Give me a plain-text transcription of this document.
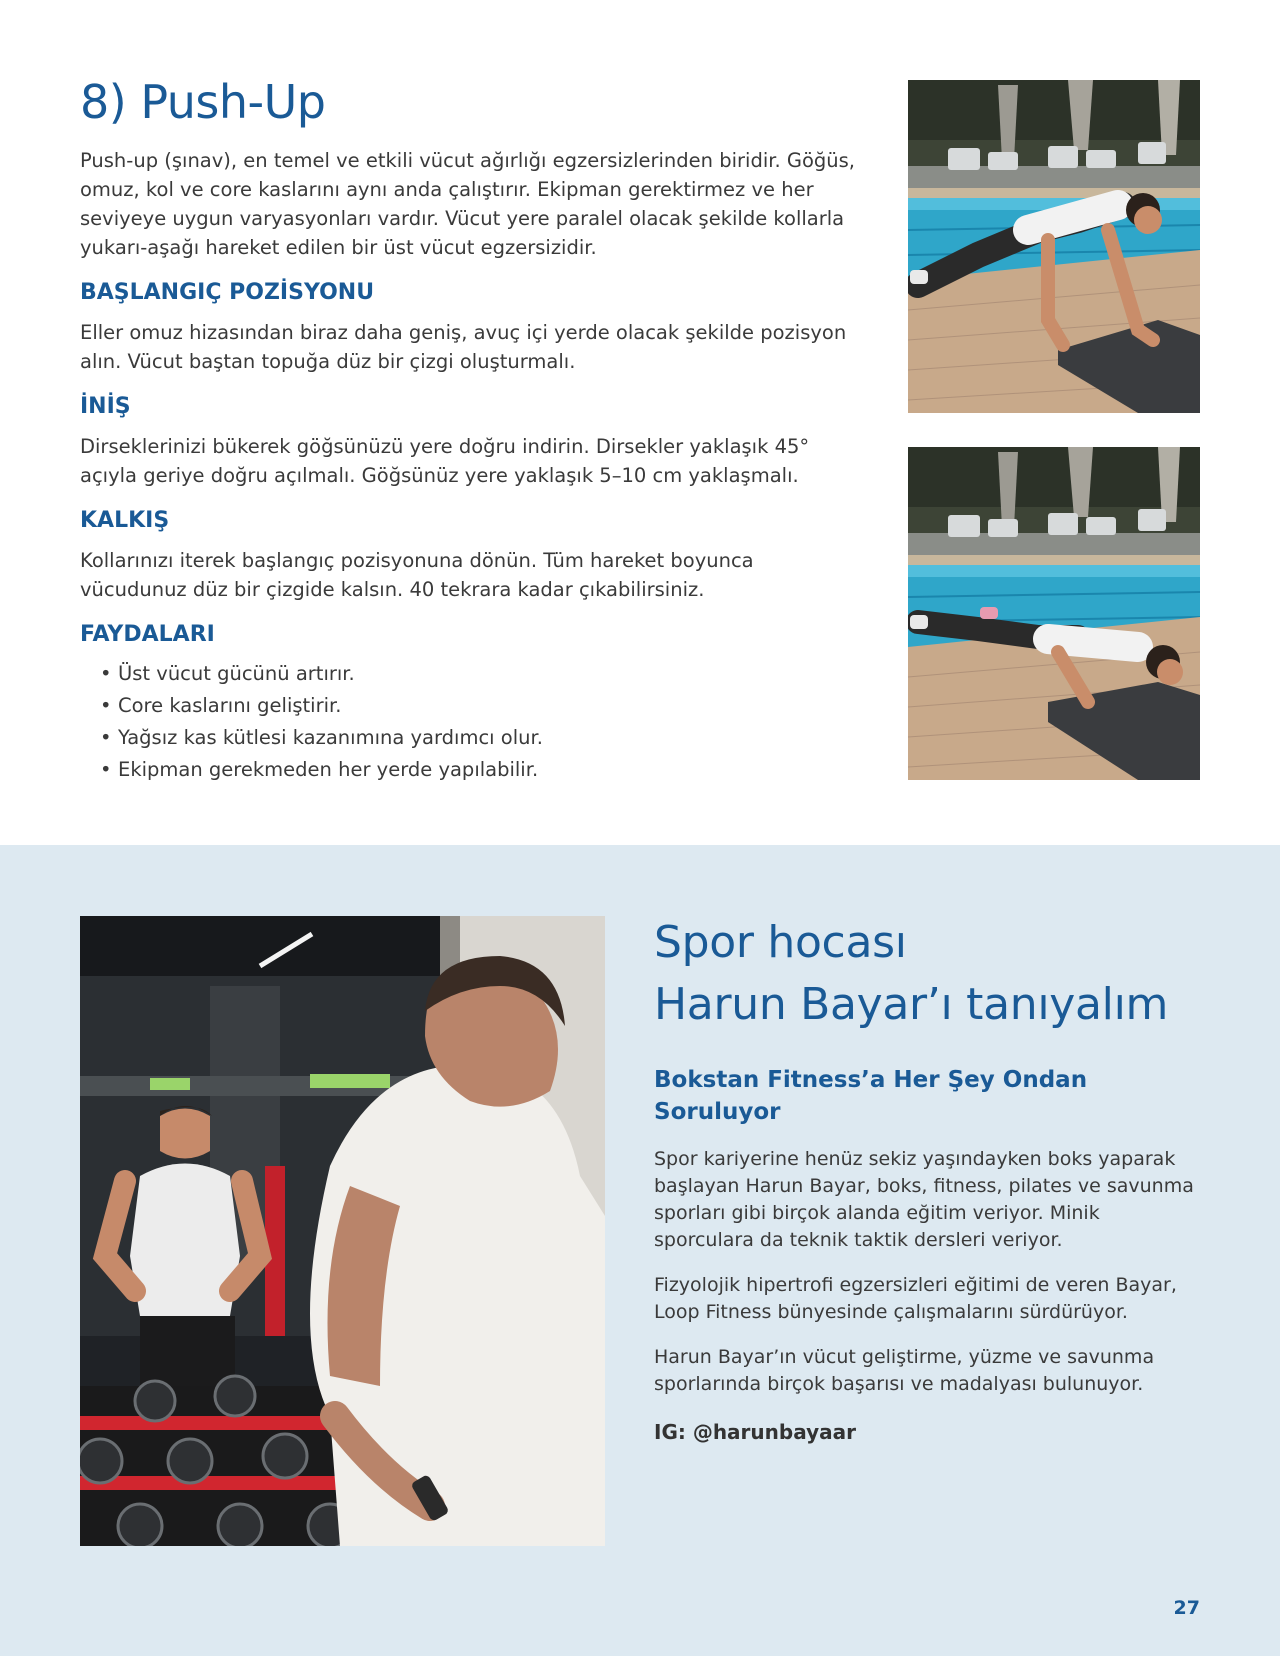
8) Push-Up

Push-up (şınav), en temel ve etkili vücut ağırlığı egzersizlerinden biridir. Göğüs, omuz, kol ve core kaslarını aynı anda çalıştırır. Ekipman gerektirmez ve her seviyeye uygun varyasyonları vardır. Vücut yere paralel olacak şekilde kollarla yukarı-aşağı hareket edilen bir üst vücut egzersizidir.

BAŞLANGIÇ POZİSYONU

Eller omuz hizasından biraz daha geniş, avuç içi yerde olacak şekilde pozisyon alın. Vücut baştan topuğa düz bir çizgi oluşturmalı.

İNİŞ

Dirseklerinizi bükerek göğsünüzü yere doğru indirin. Dirsekler yaklaşık 45° açıyla geriye doğru açılmalı. Göğsünüz yere yaklaşık 5–10 cm yaklaşmalı.

KALKIŞ

Kollarınızı iterek başlangıç pozisyonuna dönün. Tüm hareket boyunca vücudunuz düz bir çizgide kalsın. 40 tekrara kadar çıkabilirsiniz.

FAYDALARI
• Üst vücut gücünü artırır.
• Core kaslarını geliştirir.
• Yağsız kas kütlesi kazanımına yardımcı olur.
• Ekipman gerekmeden her yerde yapılabilir.
Spor hocası
Harun Bayar’ı tanıyalım
Bokstan Fitness’a Her Şey Ondan Soruluyor

Spor kariyerine henüz sekiz yaşındayken boks yaparak başlayan Harun Bayar, boks, fitness, pilates ve savunma sporları gibi birçok alanda eğitim veriyor. Minik sporculara da teknik taktik dersleri veriyor.

Fizyolojik hipertrofi egzersizleri eğitimi de veren Bayar, Loop Fitness bünyesinde çalışmalarını sürdürüyor.

Harun Bayar’ın vücut geliştirme, yüzme ve savunma sporlarında birçok başarısı ve madalyası bulunuyor.

IG: @harunbayaar

27
